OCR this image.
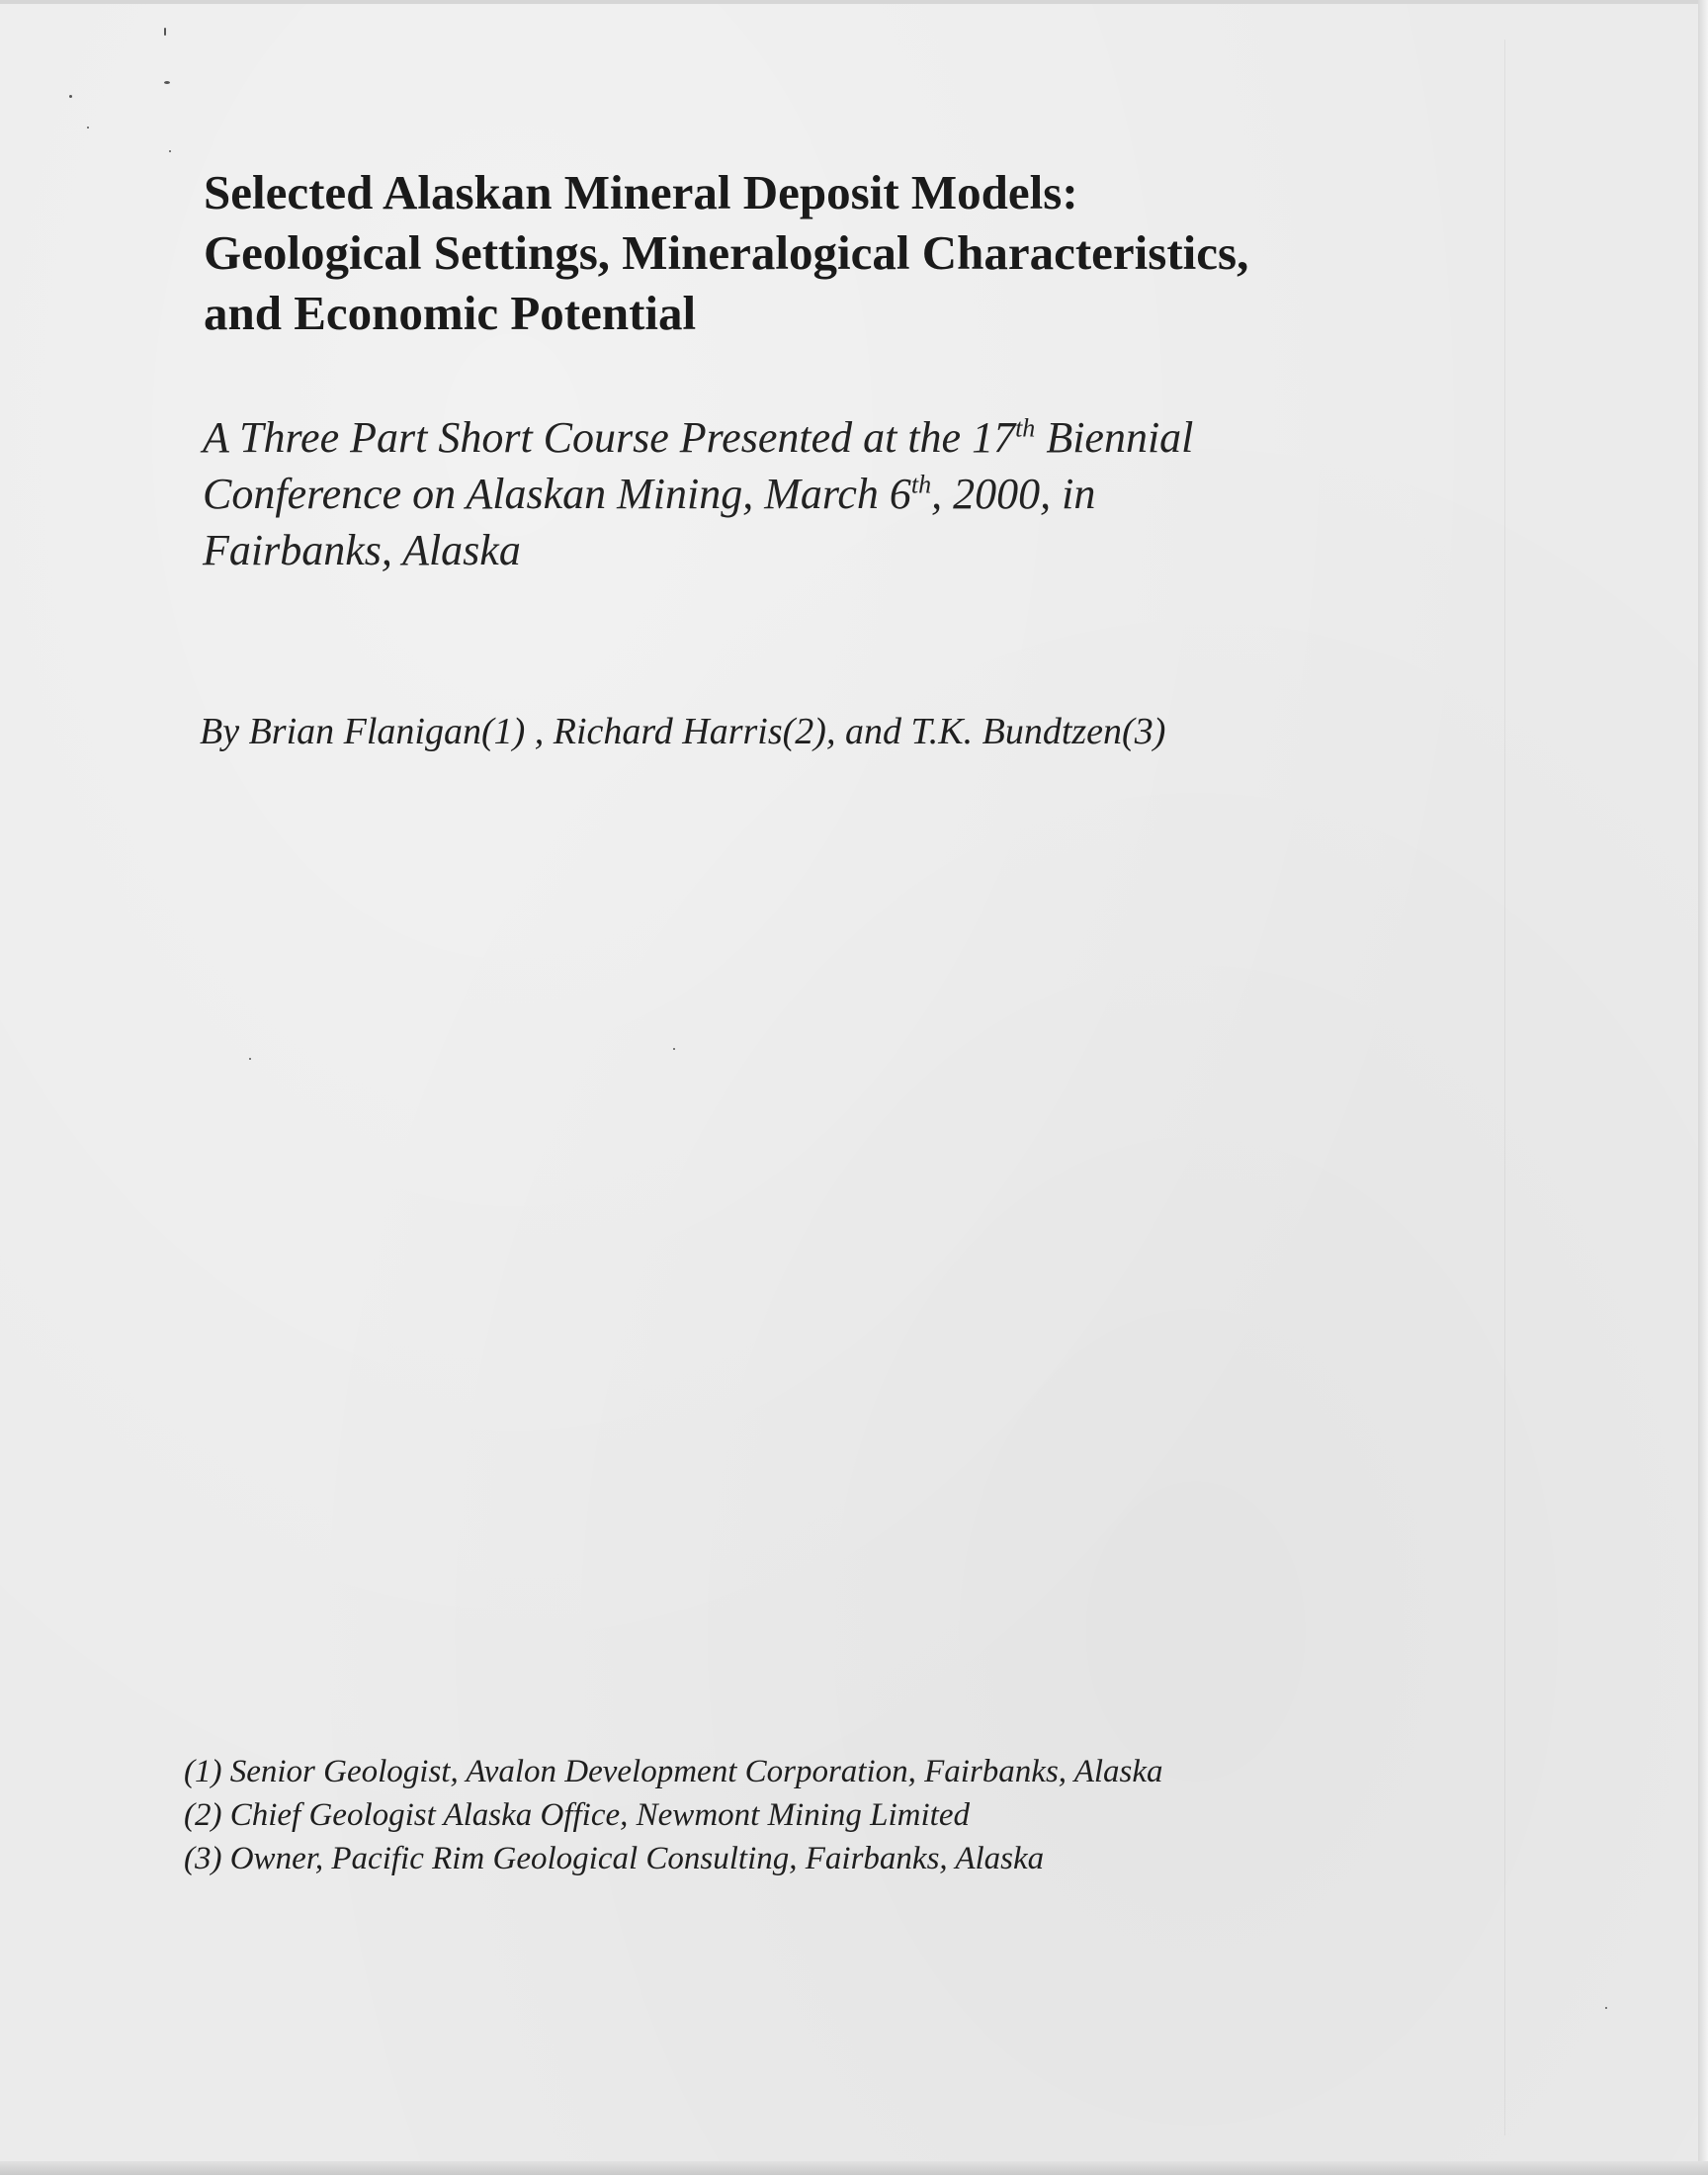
Selected Alaskan Mineral Deposit Models:
Geological Settings, Mineralogical Characteristics,
and Economic Potential

A Three Part Short Course Presented at the 17th Biennial
Conference on Alaskan Mining, March 6th, 2000, in
Fairbanks, Alaska

By Brian Flanigan(1) , Richard Harris(2), and T.K. Bundtzen(3)

(1) Senior Geologist, Avalon Development Corporation, Fairbanks, Alaska
(2) Chief Geologist Alaska Office, Newmont Mining Limited
(3) Owner, Pacific Rim Geological Consulting, Fairbanks, Alaska
